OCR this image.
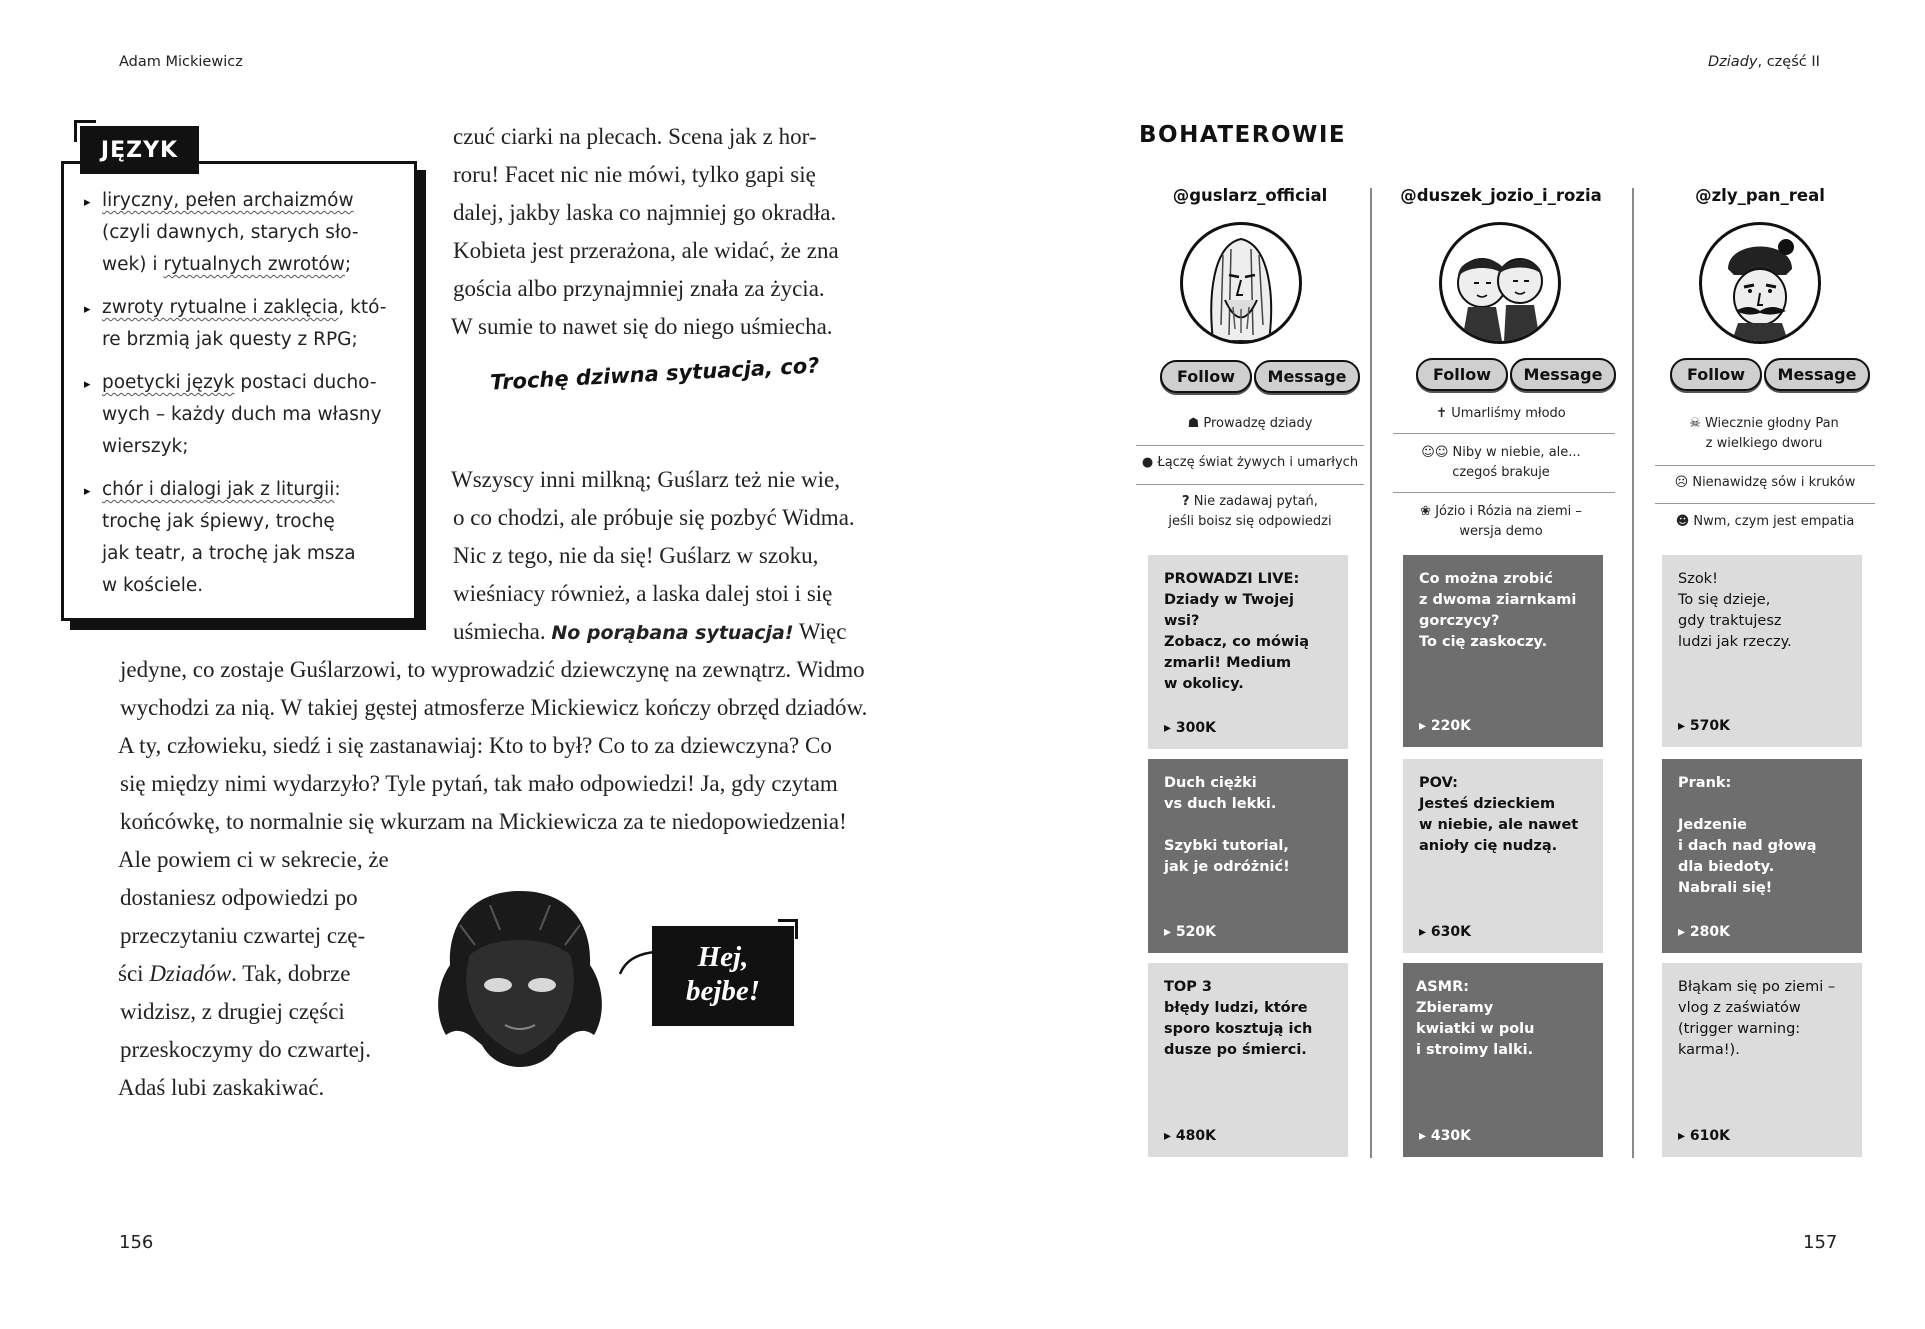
Adam Mickiewicz
JĘZYK
▸ liryczny, pełen archaizmów
(czyli dawnych, starych sło-
wek) i rytualnych zwrotów;
▸ zwroty rytualne i zaklęcia, któ-
re brzmią jak questy z RPG;
▸ poetycki język postaci ducho-
wych – każdy duch ma własny
wierszyk;
▸ chór i dialogi jak z liturgii:
trochę jak śpiewy, trochę
jak teatr, a trochę jak msza
w kościele.
czuć ciarki na plecach. Scena jak z hor-
roru! Facet nic nie mówi, tylko gapi się
dalej, jakby laska co najmniej go okradła.
Kobieta jest przerażona, ale widać, że zna
gościa albo przynajmniej znała za życia.
W sumie to nawet się do niego uśmiecha.
Trochę dziwna sytuacja, co?
Wszyscy inni milkną; Guślarz też nie wie,
o co chodzi, ale próbuje się pozbyć Widma.
Nic z tego, nie da się! Guślarz w szoku,
wieśniacy również, a laska dalej stoi i się
uśmiecha. No porąbana sytuacja! Więc
jedyne, co zostaje Guślarzowi, to wyprowadzić dziewczynę na zewnątrz. Widmo
wychodzi za nią. W takiej gęstej atmosferze Mickiewicz kończy obrzęd dziadów.
A ty, człowieku, siedź i się zastanawiaj: Kto to był? Co to za dziewczyna? Co
się między nimi wydarzyło? Tyle pytań, tak mało odpowiedzi! Ja, gdy czytam
końcówkę, to normalnie się wkurzam na Mickiewicza za te niedopowiedzenia!
Ale powiem ci w sekrecie, że
dostaniesz odpowiedzi po
przeczytaniu czwartej czę-
ści Dziadów. Tak, dobrze
widzisz, z drugiej części
przeskoczymy do czwartej.
Adaś lubi zaskakiwać.
Hej,
bejbe!
156
Dziady, część II
BOHATEROWIE
@guslarz_official
Follow	Message
☗ Prowadzę dziady
● Łączę świat żywych i umarłych
? Nie zadawaj pytań,
jeśli boisz się odpowiedzi
PROWADZI LIVE:
Dziady w Twojej wsi?
Zobacz, co mówią
zmarli! Medium
w okolicy.
▸ 300K
Duch ciężki
vs duch lekki.

Szybki tutorial,
jak je odróżnić!
▸ 520K
TOP 3
błędy ludzi, które
sporo kosztują ich
dusze po śmierci.
▸ 480K
@duszek_jozio_i_rozia
Follow	Message
✝ Umarliśmy młodo
☺☺ Niby w niebie, ale...
czegoś brakuje
❀ Józio i Rózia na ziemi –
wersja demo
Co można zrobić
z dwoma ziarnkami
gorczycy?
To cię zaskoczy.
▸ 220K
POV:
Jesteś dzieckiem
w niebie, ale nawet
anioły cię nudzą.
▸ 630K
ASMR:
Zbieramy
kwiatki w polu
i stroimy lalki.
▸ 430K
@zly_pan_real
Follow	Message
☠ Wiecznie głodny Pan
z wielkiego dworu
☹ Nienawidzę sów i kruków
☻ Nwm, czym jest empatia
Szok!
To się dzieje,
gdy traktujesz
ludzi jak rzeczy.
▸ 570K
Prank:

Jedzenie
i dach nad głową
dla biedoty.
Nabrali się!
▸ 280K
Błąkam się po ziemi –
vlog z zaświatów
(trigger warning:
karma!).
▸ 610K
157
